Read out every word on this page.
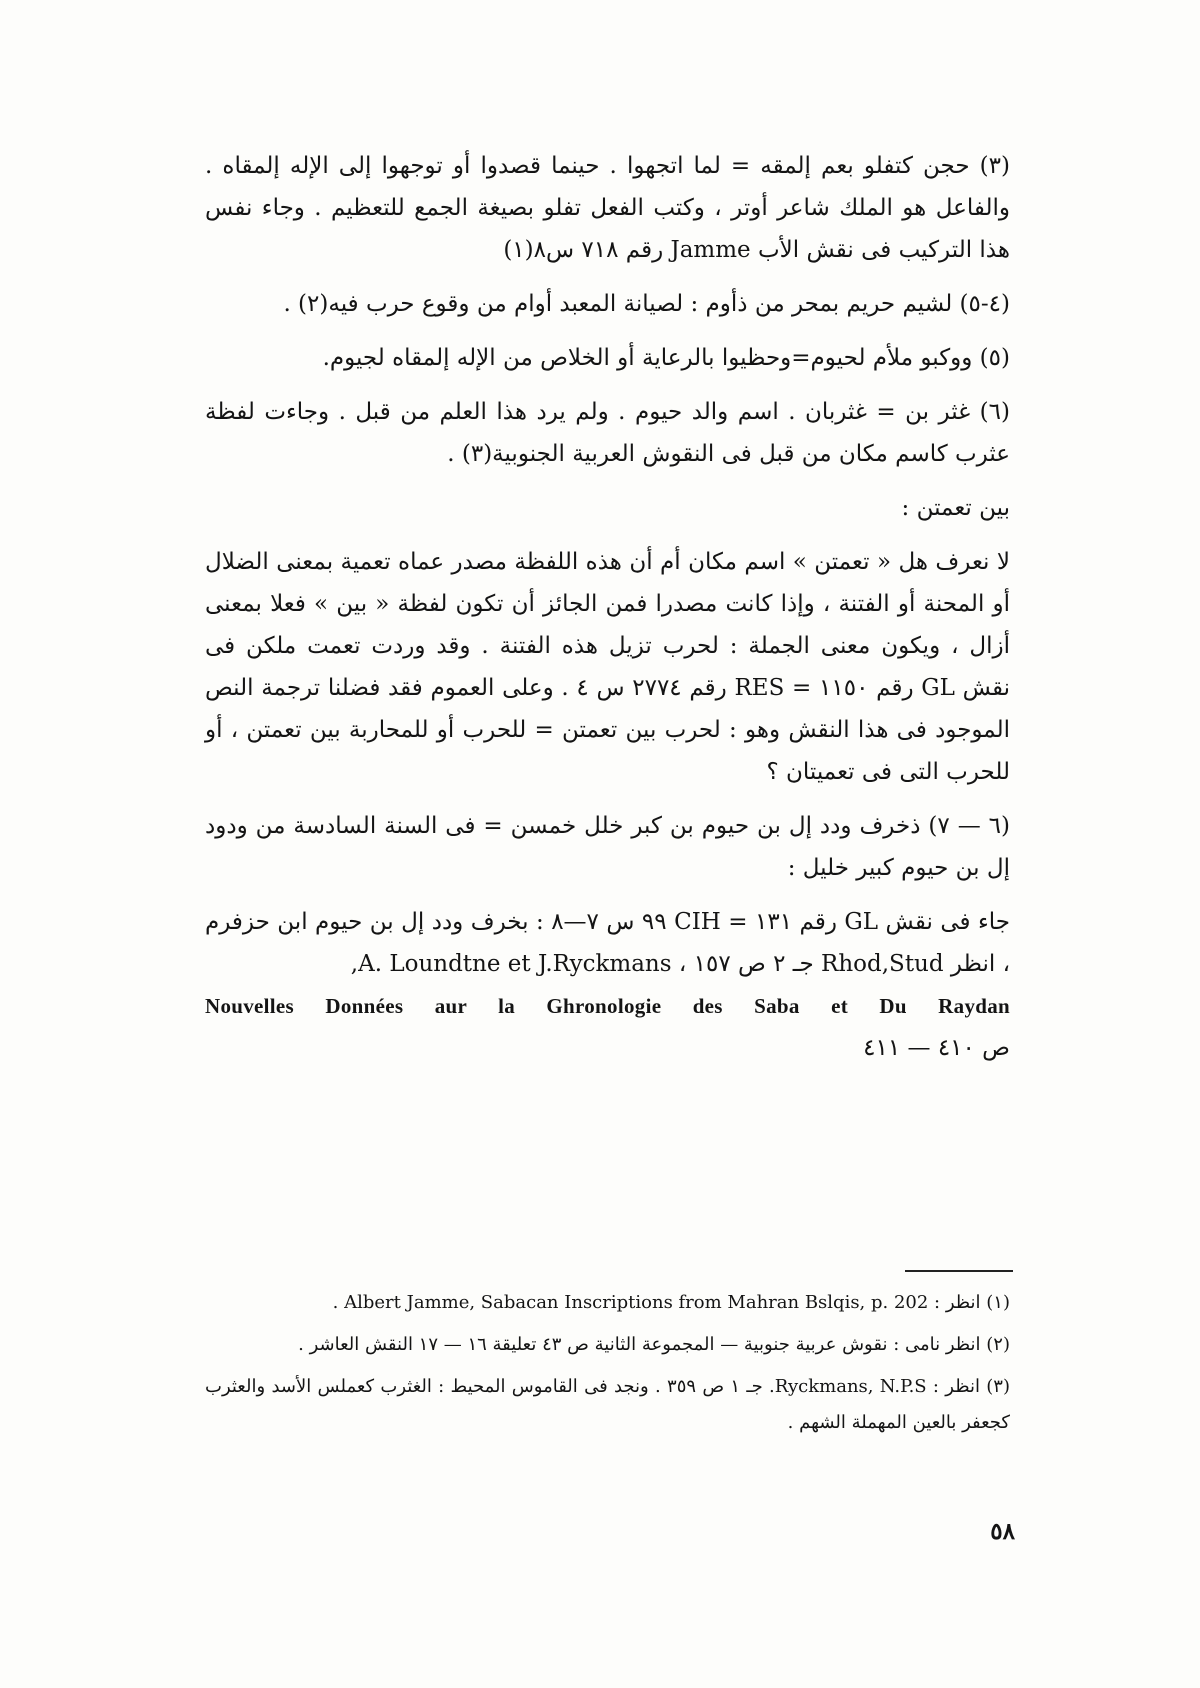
(٣) حجن كتفلو بعم إلمقه = لما اتجهوا . حينما قصدوا أو توجهوا إلى الإله إلمقاه . والفاعل هو الملك شاعر أوتر ، وكتب الفعل تفلو بصيغة الجمع للتعظيم . وجاء نفس هذا التركيب فى نقش الأب Jamme رقم ٧١٨ س٨(١)

(٤-٥) لشيم حريم بمحر من ذأوم : لصيانة المعبد أوام من وقوع حرب فيه(٢) .

(٥) ووكبو ملأم لحيوم=وحظيوا بالرعاية أو الخلاص من الإله إلمقاه لجيوم.

(٦) غثر بن = غثربان . اسم والد حيوم . ولم يرد هذا العلم من قبل . وجاءت لفظة عثرب كاسم مكان من قبل فى النقوش العربية الجنوبية(٣) .

بين تعمتن :

لا نعرف هل « تعمتن » اسم مكان أم أن هذه اللفظة مصدر عماه تعمية بمعنى الضلال أو المحنة أو الفتنة ، وإذا كانت مصدرا فمن الجائز أن تكون لفظة « بين » فعلا بمعنى أزال ، ويكون معنى الجملة : لحرب تزيل هذه الفتنة . وقد وردت تعمت ملكن فى نقش GL رقم ١١٥٠ = RES رقم ٢٧٧٤ س ٤ . وعلى العموم فقد فضلنا ترجمة النص الموجود فى هذا النقش وهو : لحرب بين تعمتن = للحرب أو للمحاربة بين تعمتن ، أو للحرب التى فى تعميتان ؟

(٦ — ٧) ذخرف ودد إل بن حيوم بن كبر خلل خمسن = فى السنة السادسة من ودود إل بن حيوم كبير خليل :

جاء فى نقش GL رقم ١٣١ = CIH ٩٩ س ٧—٨ : بخرف ودد إل بن حيوم ابن حزفرم ، انظر Rhod,Stud جـ ٢ ص ١٥٧ ، A. Loundtne et J.Ryckmans,

Nouvelles Données aur la Ghronologie des Saba et Du Raydan

ص ٤١٠ — ٤١١

(١) انظر : Albert Jamme, Sabacan Inscriptions from Mahran Bslqis, p. 202 .

(٢) انظر نامى : نقوش عربية جنوبية — المجموعة الثانية ص ٤٣ تعليقة ١٦ — ١٧ النقش العاشر .

(٣) انظر : Ryckmans, N.P.S. جـ ١ ص ٣٥٩ . ونجد فى القاموس المحيط : الغثرب كعملس الأسد والعثرب كجعفر بالعين المهملة الشهم .

٥٨
